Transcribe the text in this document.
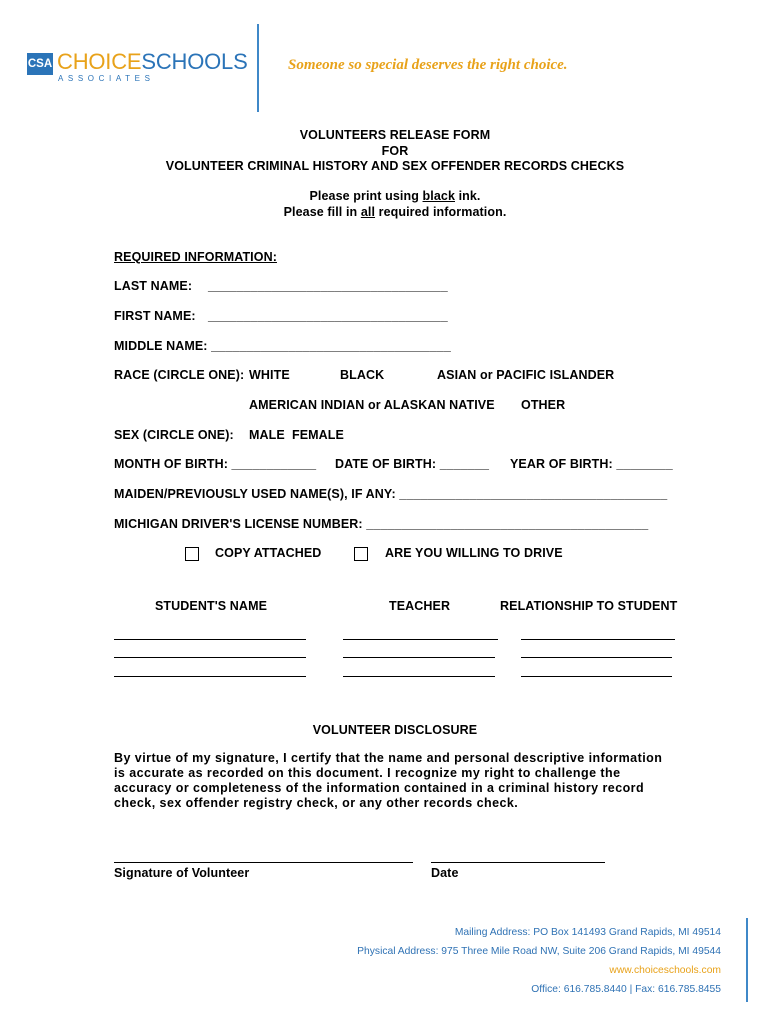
CSA CHOICESCHOOLS
ASSOCIATES
Someone so special deserves the right choice.
VOLUNTEERS RELEASE FORM
FOR
VOLUNTEER CRIMINAL HISTORY AND SEX OFFENDER RECORDS CHECKS
Please print using black ink.
Please fill in all required information.
REQUIRED INFORMATION:
LAST NAME: __________________________________
FIRST NAME: __________________________________
MIDDLE NAME: __________________________________
RACE (CIRCLE ONE): WHITE	BLACK	ASIAN or PACIFIC ISLANDER
AMERICAN INDIAN or ALASKAN NATIVE OTHER
SEX (CIRCLE ONE): MALE  FEMALE
MONTH OF BIRTH: ____________ DATE OF BIRTH: _______ YEAR OF BIRTH: ________
MAIDEN/PREVIOUSLY USED NAME(S), IF ANY: ______________________________________
MICHIGAN DRIVER'S LICENSE NUMBER: ________________________________________
COPY ATTACHED	ARE YOU WILLING TO DRIVE
STUDENT'S NAME	TEACHER	RELATIONSHIP TO STUDENT
VOLUNTEER DISCLOSURE
By virtue of my signature, I certify that the name and personal descriptive information is accurate as recorded on this document. I recognize my right to challenge the accuracy or completeness of the information contained in a criminal history record check, sex offender registry check, or any other records check.
Signature of Volunteer	Date
Mailing Address: PO Box 141493 Grand Rapids, MI 49514
Physical Address: 975 Three Mile Road NW, Suite 206 Grand Rapids, MI 49544
www.choiceschools.com
Office: 616.785.8440 | Fax: 616.785.8455
